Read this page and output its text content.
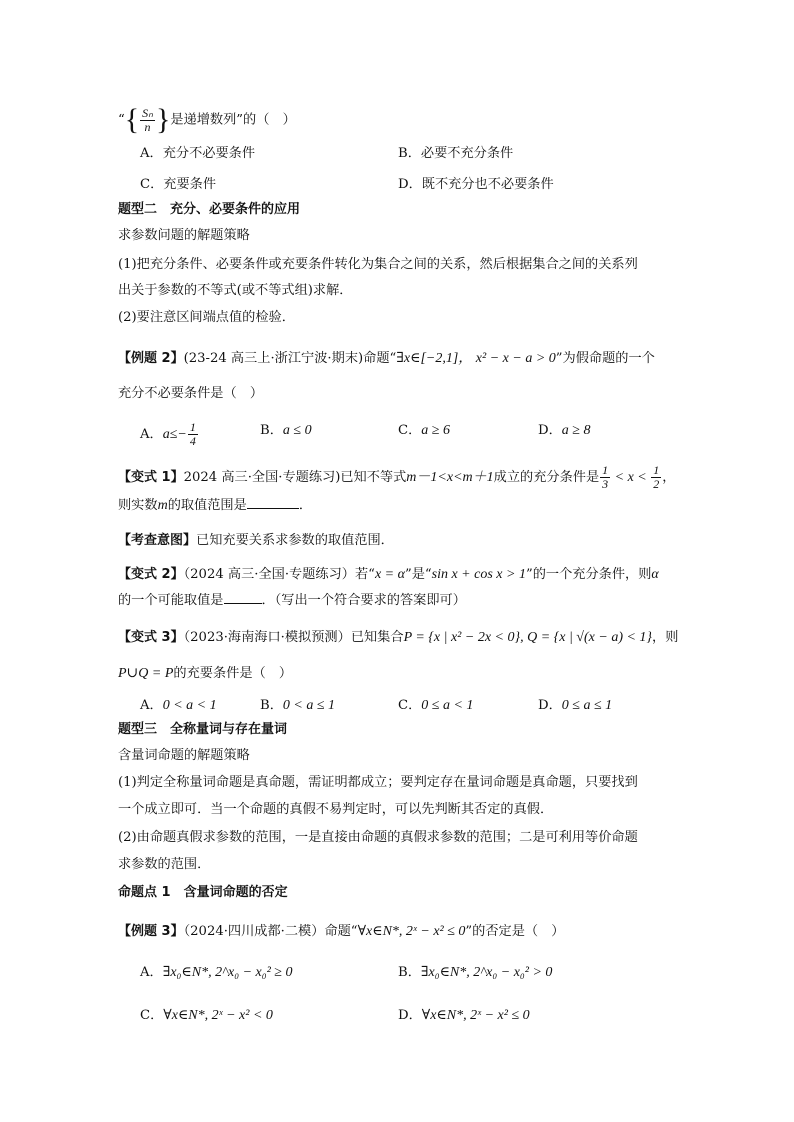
“{ $\frac{\text{Sₙ}}{n}$ }是递增数列”的（　）
A．充分不必要条件	B．必要不充分条件
C．充要条件	D．既不充分也不必要条件
题型二　充分、必要条件的应用
求参数问题的解题策略
(1)把充分条件、必要条件或充要条件转化为集合之间的关系，然后根据集合之间的关系列
出关于参数的不等式(或不等式组)求解．
(2)要注意区间端点值的检验．
【例题 2】(23-24 高三上·浙江宁波·期末)命题“∃x∈[−2,1]， x² − x − a > 0”为假命题的一个
充分不必要条件是（　）
A．$a\le- \frac{1}{4}$	B．a ≤ 0	C．a ≥ 6	D．a ≥ 8
【变式 1】2024 高三·全国·专题练习)已知不等式m－1<x<m＋1成立的充分条件是 $\frac{1}{3} < x < \frac{1}{2}$ ，
则实数m的取值范围是	．
【考查意图】已知充要关系求参数的取值范围．
【变式 2】（2024 高三·全国·专题练习）若“x = α”是“sin x + cos x > 1”的一个充分条件，则α
的一个可能取值是	．（写出一个符合要求的答案即可）
【变式 3】（2023·海南海口·模拟预测）已知集合P = {x | x² − 2x < 0}, Q = {x | √(x − a) < 1}，则
P∪Q = P的充要条件是（　）
A．0 < a < 1	B．0 < a ≤ 1	C．0 ≤ a < 1	D．0 ≤ a ≤ 1
题型三　全称量词与存在量词
含量词命题的解题策略
(1)判定全称量词命题是真命题，需证明都成立；要判定存在量词命题是真命题，只要找到
一个成立即可．当一个命题的真假不易判定时，可以先判断其否定的真假．
(2)由命题真假求参数的范围，一是直接由命题的真假求参数的范围；二是可利用等价命题
求参数的范围．
命题点 1　含量词命题的否定
【例题 3】（2024·四川成都·二模）命题“∀x∈N*, 2ˣ − x² ≤ 0”的否定是（　）
A．∃x₀∈N*, 2^x₀ − x₀² ≥ 0	B．∃x₀∈N*, 2^x₀ − x₀² > 0
C．∀x∈N*, 2ˣ − x² < 0	D．∀x∈N*, 2ˣ − x² ≤ 0
